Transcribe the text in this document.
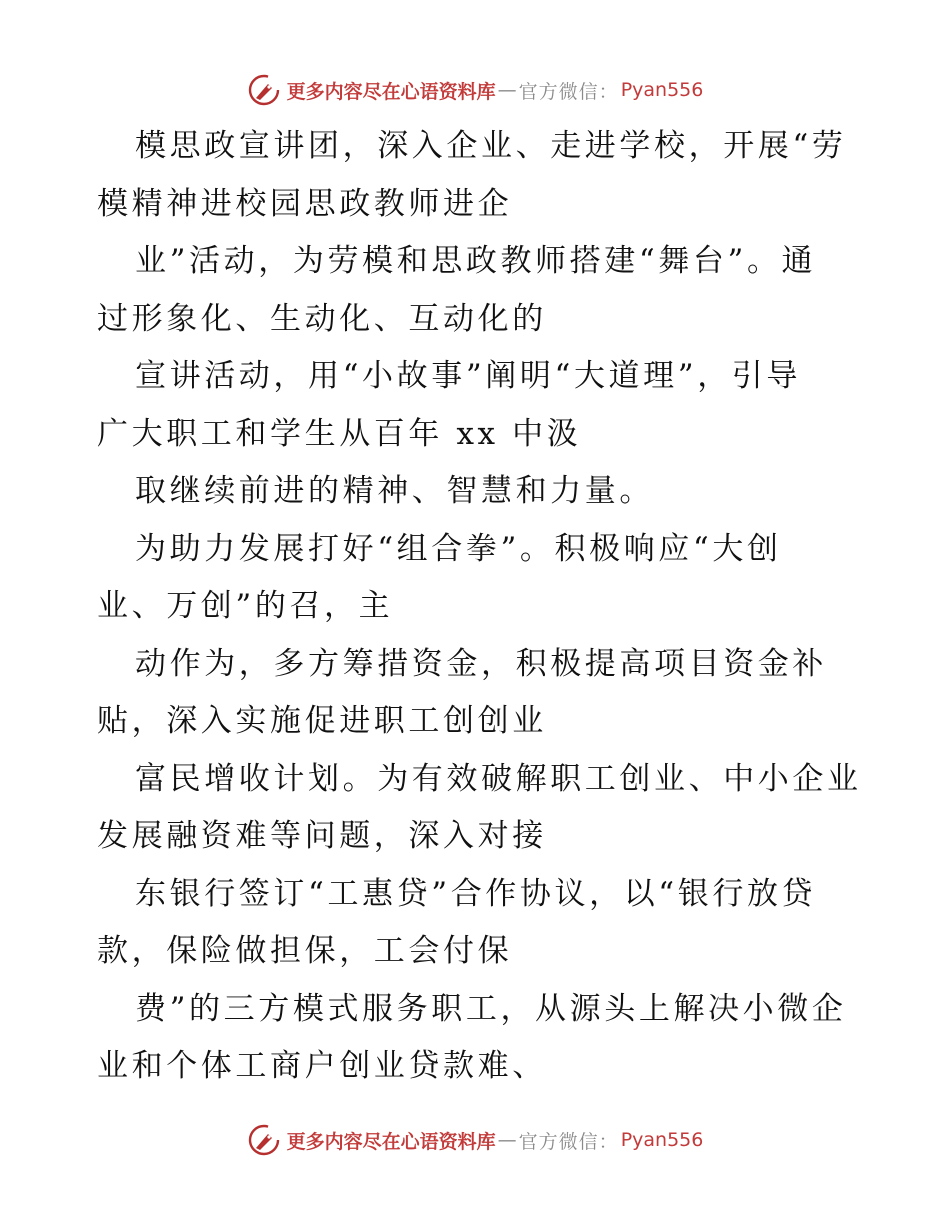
更多内容尽在心语资料库 — 官方微信： Pyan556

模思政宣讲团，深入企业、走进学校，开展“劳
模精神进校园思政教师进企

业”活动，为劳模和思政教师搭建“舞台”。通
过形象化、生动化、互动化的

宣讲活动，用“小故事”阐明“大道理”，引导
广大职工和学生从百年 xx 中汲

取继续前进的精神、智慧和力量。

为助力发展打好“组合拳”。积极响应“大创
业、万创”的召，主

动作为，多方筹措资金，积极提高项目资金补
贴，深入实施促进职工创创业

富民增收计划。为有效破解职工创业、中小企业
发展融资难等问题，深入对接

东银行签订“工惠贷”合作协议，以“银行放贷
款，保险做担保，工会付保

费”的三方模式服务职工，从源头上解决小微企
业和个体工商户创业贷款难、

更多内容尽在心语资料库 — 官方微信： Pyan556
